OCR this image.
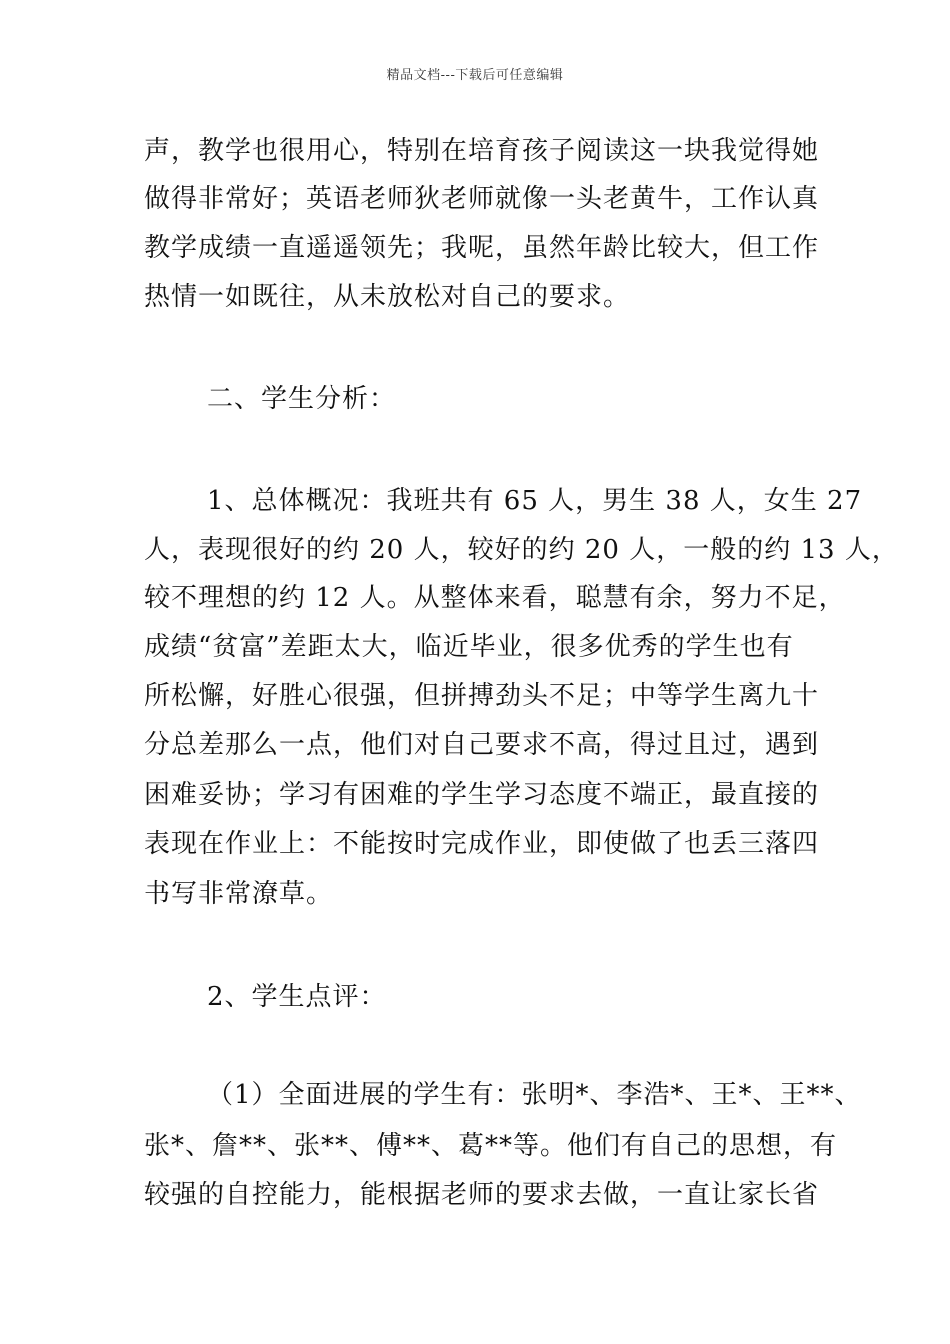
精品文档---下载后可任意编辑
声，教学也很用心，特别在培育孩子阅读这一块我觉得她
做得非常好；英语老师狄老师就像一头老黄牛，工作认真
教学成绩一直遥遥领先；我呢，虽然年龄比较大，但工作
热情一如既往，从未放松对自己的要求。
二、学生分析：
1、总体概况：我班共有 65 人，男生 38 人，女生 27
人，表现很好的约 20 人，较好的约 20 人，一般的约 13 人，
较不理想的约 12 人。从整体来看，聪慧有余，努力不足，
成绩“贫富”差距太大，临近毕业，很多优秀的学生也有
所松懈，好胜心很强，但拼搏劲头不足；中等学生离九十
分总差那么一点，他们对自己要求不高，得过且过，遇到
困难妥协；学习有困难的学生学习态度不端正，最直接的
表现在作业上：不能按时完成作业，即使做了也丢三落四
书写非常潦草。
2、学生点评：
（1）全面进展的学生有：张明*、李浩*、王*、王**、
张*、詹**、张**、傅**、葛**等。他们有自己的思想，有
较强的自控能力，能根据老师的要求去做，一直让家长省
